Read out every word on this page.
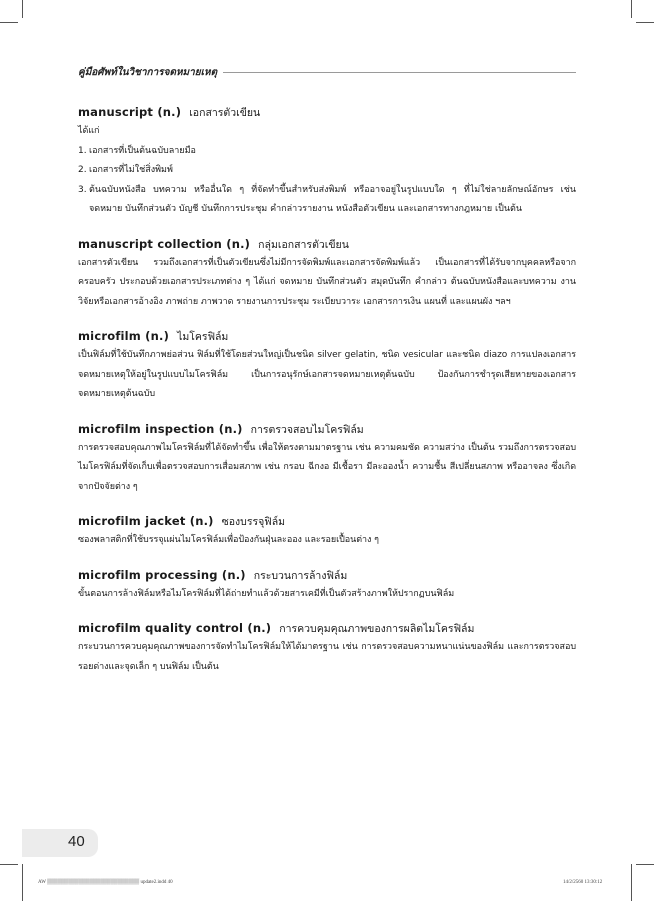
คู่มือศัพท์ในวิชาการจดหมายเหตุ
manuscript (n.) เอกสารตัวเขียน
ได้แก่
1. เอกสารที่เป็นต้นฉบับลายมือ
2. เอกสารที่ไม่ใช่สิ่งพิมพ์
3. ต้นฉบับหนังสือ บทความ หรืออื่นใด ๆ ที่จัดทำขึ้นสำหรับส่งพิมพ์ หรืออาจอยู่ในรูปแบบใด ๆ ที่ไม่ใช่ลายลักษณ์อักษร เช่น จดหมาย บันทึกส่วนตัว บัญชี บันทึกการประชุม คำกล่าวรายงาน หนังสือตัวเขียน และเอกสารทางกฎหมาย เป็นต้น
manuscript collection (n.) กลุ่มเอกสารตัวเขียน
เอกสารตัวเขียน รวมถึงเอกสารที่เป็นตัวเขียนซึ่งไม่มีการจัดพิมพ์และเอกสารจัดพิมพ์แล้ว เป็นเอกสารที่ได้รับจากบุคคลหรือจากครอบครัว ประกอบด้วยเอกสารประเภทต่าง ๆ ได้แก่ จดหมาย บันทึกส่วนตัว สมุดบันทึก คำกล่าว ต้นฉบับหนังสือและบทความ งานวิจัยหรือเอกสารอ้างอิง ภาพถ่าย ภาพวาด รายงานการประชุม ระเบียบวาระ เอกสารการเงิน แผนที่ และแผนผัง ฯลฯ
microfilm (n.) ไมโครฟิล์ม
เป็นฟิล์มที่ใช้บันทึกภาพย่อส่วน ฟิล์มที่ใช้โดยส่วนใหญ่เป็นชนิด silver gelatin, ชนิด vesicular และชนิด diazo การแปลงเอกสารจดหมายเหตุให้อยู่ในรูปแบบไมโครฟิล์ม เป็นการอนุรักษ์เอกสารจดหมายเหตุต้นฉบับ ป้องกันการชำรุดเสียหายของเอกสารจดหมายเหตุต้นฉบับ
microfilm inspection (n.) การตรวจสอบไมโครฟิล์ม
การตรวจสอบคุณภาพไมโครฟิล์มที่ได้จัดทำขึ้น เพื่อให้ตรงตามมาตรฐาน เช่น ความคมชัด ความสว่าง เป็นต้น รวมถึงการตรวจสอบไมโครฟิล์มที่จัดเก็บเพื่อตรวจสอบการเสื่อมสภาพ เช่น กรอบ ฉีกงอ มีเชื้อรา มีละอองน้ำ ความชื้น สีเปลี่ยนสภาพ หรืออาจลง ซึ่งเกิดจากปัจจัยต่าง ๆ
microfilm jacket (n.) ซองบรรจุฟิล์ม
ซองพลาสติกที่ใช้บรรจุแผ่นไมโครฟิล์มเพื่อป้องกันฝุ่นละออง และรอยเปื้อนต่าง ๆ
microfilm processing (n.) กระบวนการล้างฟิล์ม
ขั้นตอนการล้างฟิล์มหรือไมโครฟิล์มที่ได้ถ่ายทำแล้วด้วยสารเคมีที่เป็นตัวสร้างภาพให้ปรากฏบนฟิล์ม
microfilm quality control (n.) การควบคุมคุณภาพของการผลิตไมโครฟิล์ม
กระบวนการควบคุมคุณภาพของการจัดทำไมโครฟิล์มให้ได้มาตรฐาน เช่น การตรวจสอบความหนาแน่นของฟิล์ม และการตรวจสอบรอยด่างและจุดเล็ก ๆ บนฟิล์ม เป็นต้น
40
AW ▒▒▒▒▒▒▒▒▒▒▒▒▒▒▒▒▒▒▒▒▒▒▒▒▒▒ update2.indd 40	14/2/2560 13:30:12
